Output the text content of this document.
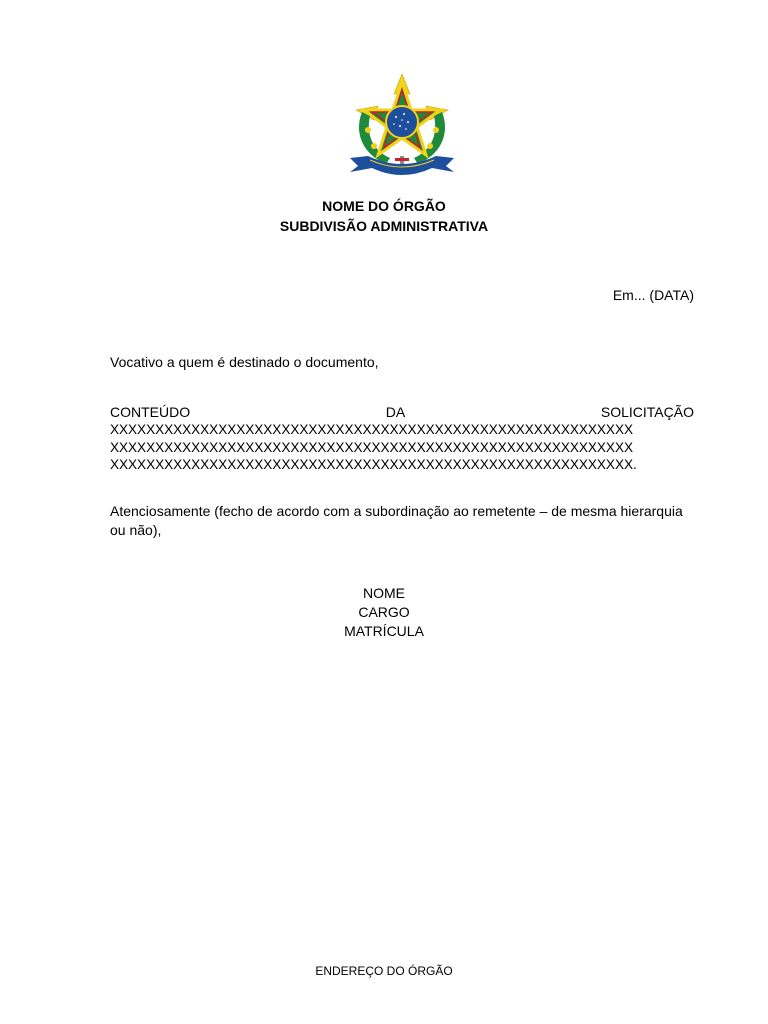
NOME DO ÓRGÃO
SUBDIVISÃO ADMINISTRATIVA
Em... (DATA)
Vocativo a quem é destinado o documento,
CONTEÚDO	DA	SOLICITAÇÃO
XXXXXXXXXXXXXXXXXXXXXXXXXXXXXXXXXXXXXXXXXXXXXXXXXXXXXXXXXX
XXXXXXXXXXXXXXXXXXXXXXXXXXXXXXXXXXXXXXXXXXXXXXXXXXXXXXXXXX
XXXXXXXXXXXXXXXXXXXXXXXXXXXXXXXXXXXXXXXXXXXXXXXXXXXXXXXXXX.
Atenciosamente (fecho de acordo com a subordinação ao remetente – de mesma hierarquia ou não),
NOME
CARGO
MATRÍCULA
ENDEREÇO DO ÓRGÃO
